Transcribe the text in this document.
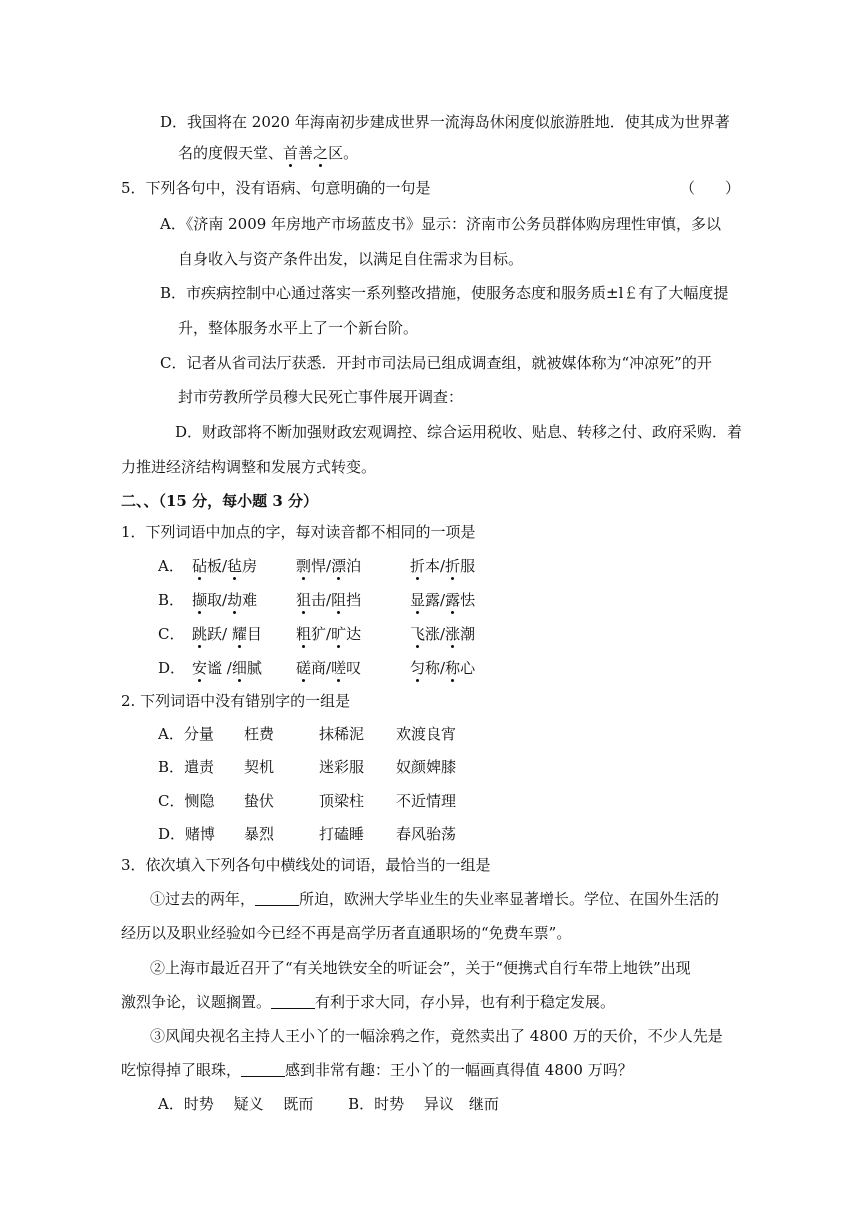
D．我国将在 2020 年海南初步建成世界一流海岛休闲度似旅游胜地．使其成为世界著
名的度假天堂、首善之区。
5．下列各句中，没有语病、句意明确的一句是	（　　）
A．《济南 2009 年房地产市场蓝皮书》显示：济南市公务员群体购房理性审慎，多以
自身收入与资产条件出发，以满足自住需求为目标。
B．市疾病控制中心通过落实一系列整改措施，使服务态度和服务质±l￡有了大幅度提
升，整体服务水平上了一个新台阶。
C．记者从省司法厅获悉．开封市司法局已组成调查组，就被媒体称为“冲凉死”的开
封市劳教所学员穆大民死亡事件展开调查：
D．财政部将不断加强财政宏观调控、综合运用税收、贴息、转移之付、政府采购．着
力推进经济结构调整和发展方式转变。
二、、（15 分，每小题 3 分）
1．下列词语中加点的字，每对读音都不相同的一项是
A． 砧板/毡房	剽悍/漂泊	折本/折服
B． 撷取/劫难	狙击/阻挡	显露/露怯
C． 跳跃/ 耀目 粗犷/旷达	飞涨/涨潮
D． 安谧 /细腻 磋商/嗟叹	匀称/称心
2. 下列词语中没有错别字的一组是
A．分量 枉费	抹稀泥 欢渡良宵
B．遣责 契机	迷彩服 奴颜婢膝
C．恻隐 蛰伏	顶梁柱 不近情理
D．赌博 暴烈	打磕睡 春风骀荡
3．依次填入下列各句中横线处的词语，最恰当的一组是
①过去的两年，	所迫，欧洲大学毕业生的失业率显著增长。学位、在国外生活的
经历以及职业经验如今已经不再是高学历者直通职场的“免费车票”。
②上海市最近召开了“有关地铁安全的听证会”，关于“便携式自行车带上地铁”出现
激烈争论，议题搁置。	有利于求大同，存小异，也有利于稳定发展。
③风闻央视名主持人王小丫的一幅涂鸦之作，竟然卖出了 4800 万的天价，不少人先是
吃惊得掉了眼珠，	感到非常有趣：王小丫的一幅画真得值 4800 万吗？
A．时势　 疑义　 既而　　 B．时势　 异议　继而
